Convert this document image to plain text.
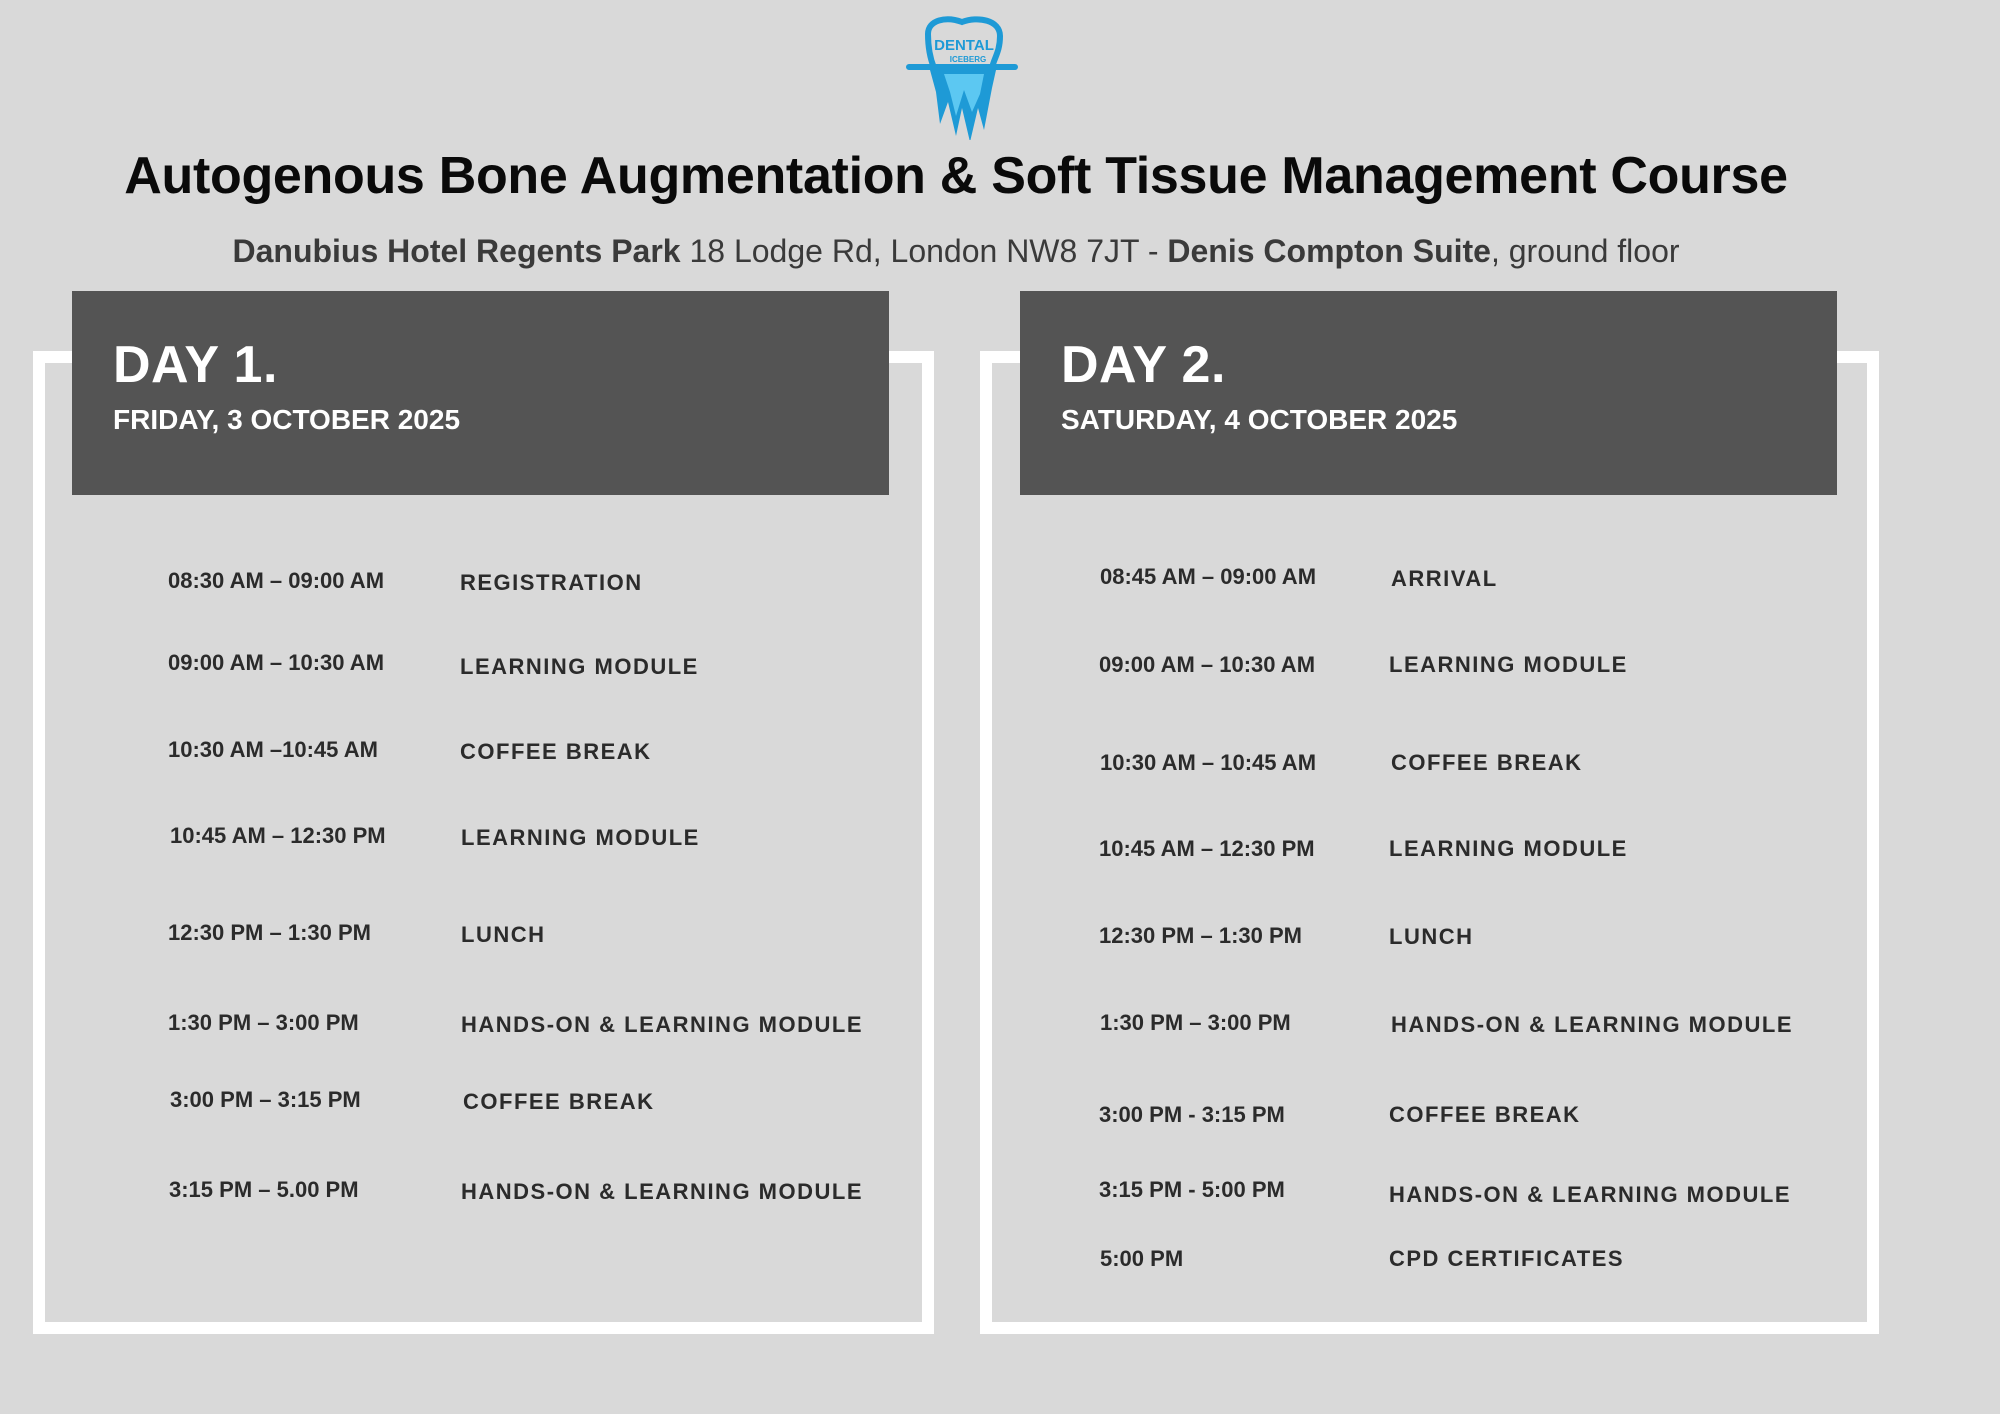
DENTAL
ICEBERG
Autogenous Bone Augmentation & Soft Tissue Management Course
Danubius Hotel Regents Park 18 Lodge Rd, London NW8 7JT - Denis Compton Suite, ground floor
DAY 1.
FRIDAY, 3 OCTOBER 2025
DAY 2.
SATURDAY, 4 OCTOBER 2025
08:30 AM – 09:00 AM	REGISTRATION
09:00 AM – 10:30 AM	LEARNING MODULE
10:30 AM –10:45 AM	COFFEE BREAK
10:45 AM – 12:30 PM	LEARNING MODULE
12:30 PM – 1:30 PM	LUNCH
1:30 PM – 3:00 PM	HANDS-ON & LEARNING MODULE
3:00 PM – 3:15 PM	COFFEE BREAK
3:15 PM – 5.00 PM	HANDS-ON & LEARNING MODULE
08:45 AM – 09:00 AM	ARRIVAL
09:00 AM – 10:30 AM	LEARNING MODULE
10:30 AM – 10:45 AM	COFFEE BREAK
10:45 AM – 12:30 PM	LEARNING MODULE
12:30 PM – 1:30 PM	LUNCH
1:30 PM – 3:00 PM	HANDS-ON & LEARNING MODULE
3:00 PM - 3:15 PM	COFFEE BREAK
3:15 PM - 5:00 PM	HANDS-ON & LEARNING MODULE
5:00 PM	CPD CERTIFICATES
